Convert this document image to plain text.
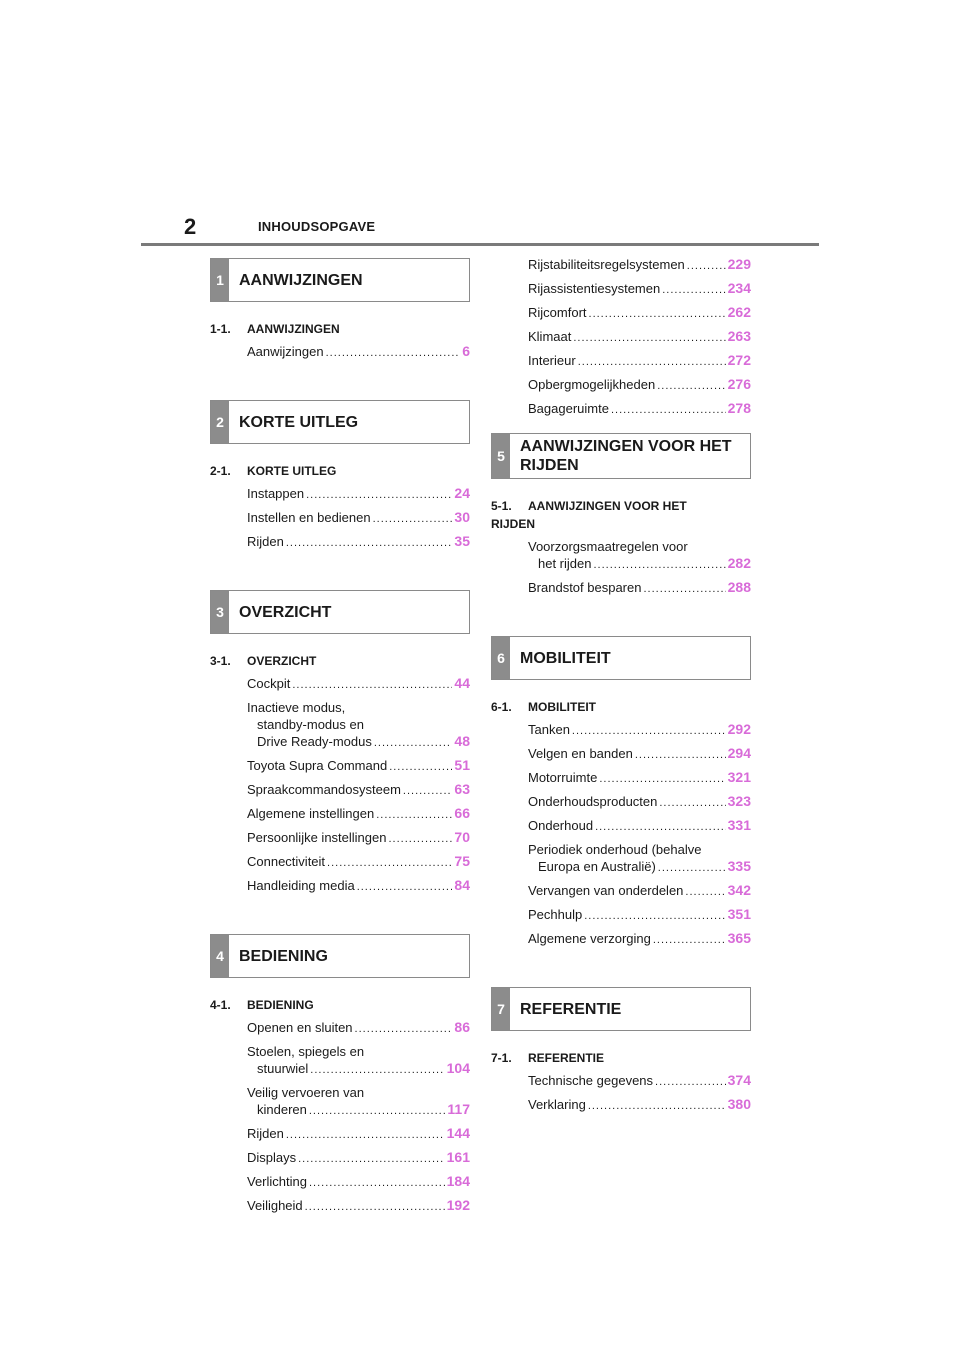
2	INHOUDSOPGAVE
1 AANWIJZINGEN
1-1. AANWIJZINGEN
Aanwijzingen .....	6
2 KORTE UITLEG
2-1. KORTE UITLEG
Instappen .....	24
Instellen en bedienen .....	30
Rijden .....	35
3 OVERZICHT
3-1. OVERZICHT
Cockpit .....	44
Inactieve modus,
standby-modus en
Drive Ready-modus .....	48
Toyota Supra Command .....	51
Spraakcommandosysteem .....	63
Algemene instellingen .....	66
Persoonlijke instellingen .....	70
Connectiviteit .....	75
Handleiding media .....	84
4 BEDIENING
4-1. BEDIENING
Openen en sluiten .....	86
Stoelen, spiegels en
stuurwiel .....	104
Veilig vervoeren van
kinderen .....	117
Rijden .....	144
Displays .....	161
Verlichting .....	184
Veiligheid .....	192
Rijstabiliteitsregelsystemen .....	229
Rijassistentiesystemen .....	234
Rijcomfort .....	262
Klimaat .....	263
Interieur .....	272
Opbergmogelijkheden .....	276
Bagageruimte .....	278
5
AANWIJZINGEN VOOR HET RIJDEN
5-1. AANWIJZINGEN VOOR HET
RIJDEN
Voorzorgsmaatregelen voor
het rijden .....	282
Brandstof besparen .....	288
6 MOBILITEIT
6-1. MOBILITEIT
Tanken .....	292
Velgen en banden .....	294
Motorruimte .....	321
Onderhoudsproducten .....	323
Onderhoud .....	331
Periodiek onderhoud (behalve
Europa en Australië) .....	335
Vervangen van onderdelen .....	342
Pechhulp .....	351
Algemene verzorging .....	365
7 REFERENTIE
7-1. REFERENTIE
Technische gegevens .....	374
Verklaring .....	380
